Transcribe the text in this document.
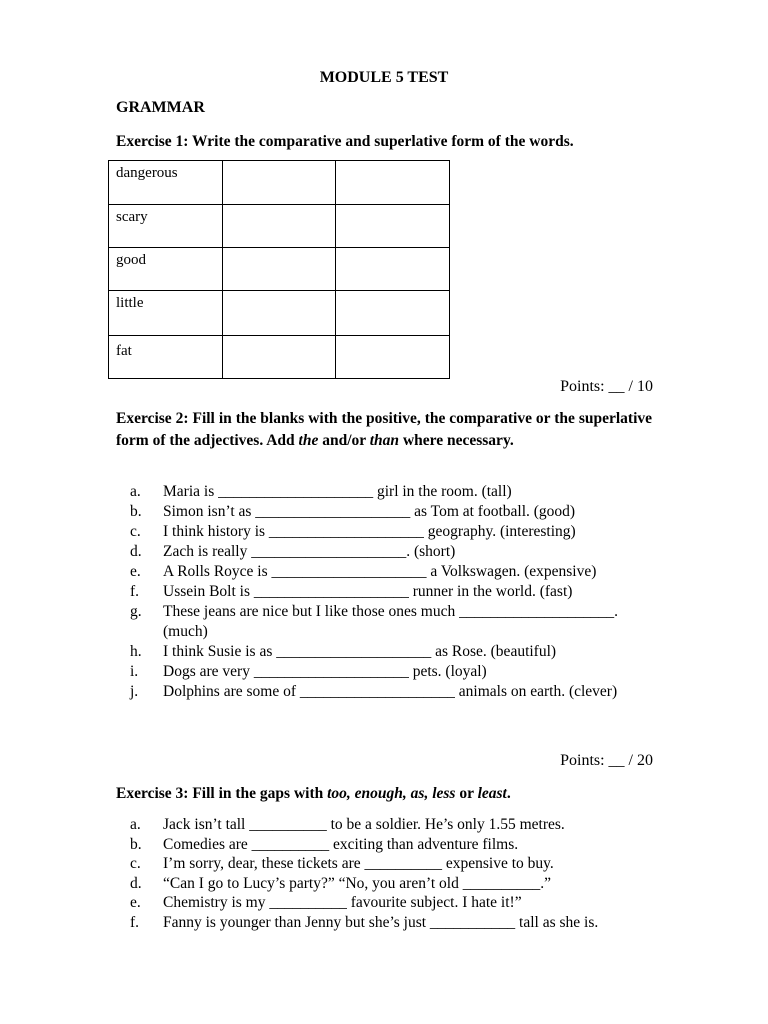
MODULE 5 TEST
GRAMMAR
Exercise 1: Write the comparative and superlative form of the words.
dangerous		
scary		
good		
little		
fat		
Points: __ / 10
Exercise 2: Fill in the blanks with the positive, the comparative or the superlative form of the adjectives. Add the and/or than where necessary.
a.	Maria is ____________________ girl in the room. (tall)
b.	Simon isn’t as ____________________ as Tom at football. (good)
c.	I think history is ____________________ geography. (interesting)
d.	Zach is really ____________________. (short)
e.	A Rolls Royce is ____________________ a Volkswagen. (expensive)
f.	Ussein Bolt is ____________________ runner in the world. (fast)
g.	These jeans are nice but I like those ones much ____________________. (much)
h.	I think Susie is as ____________________ as Rose. (beautiful)
i.	Dogs are very ____________________ pets. (loyal)
j.	Dolphins are some of ____________________ animals on earth. (clever)
Points: __ / 20
Exercise 3: Fill in the gaps with too, enough, as, less or least.
a.	Jack isn’t tall __________ to be a soldier. He’s only 1.55 metres.
b.	Comedies are __________ exciting than adventure films.
c.	I’m sorry, dear, these tickets are __________ expensive to buy.
d.	“Can I go to Lucy’s party?” “No, you aren’t old __________.”
e.	Chemistry is my __________ favourite subject. I hate it!”
f.	Fanny is younger than Jenny but she’s just ___________ tall as she is.
